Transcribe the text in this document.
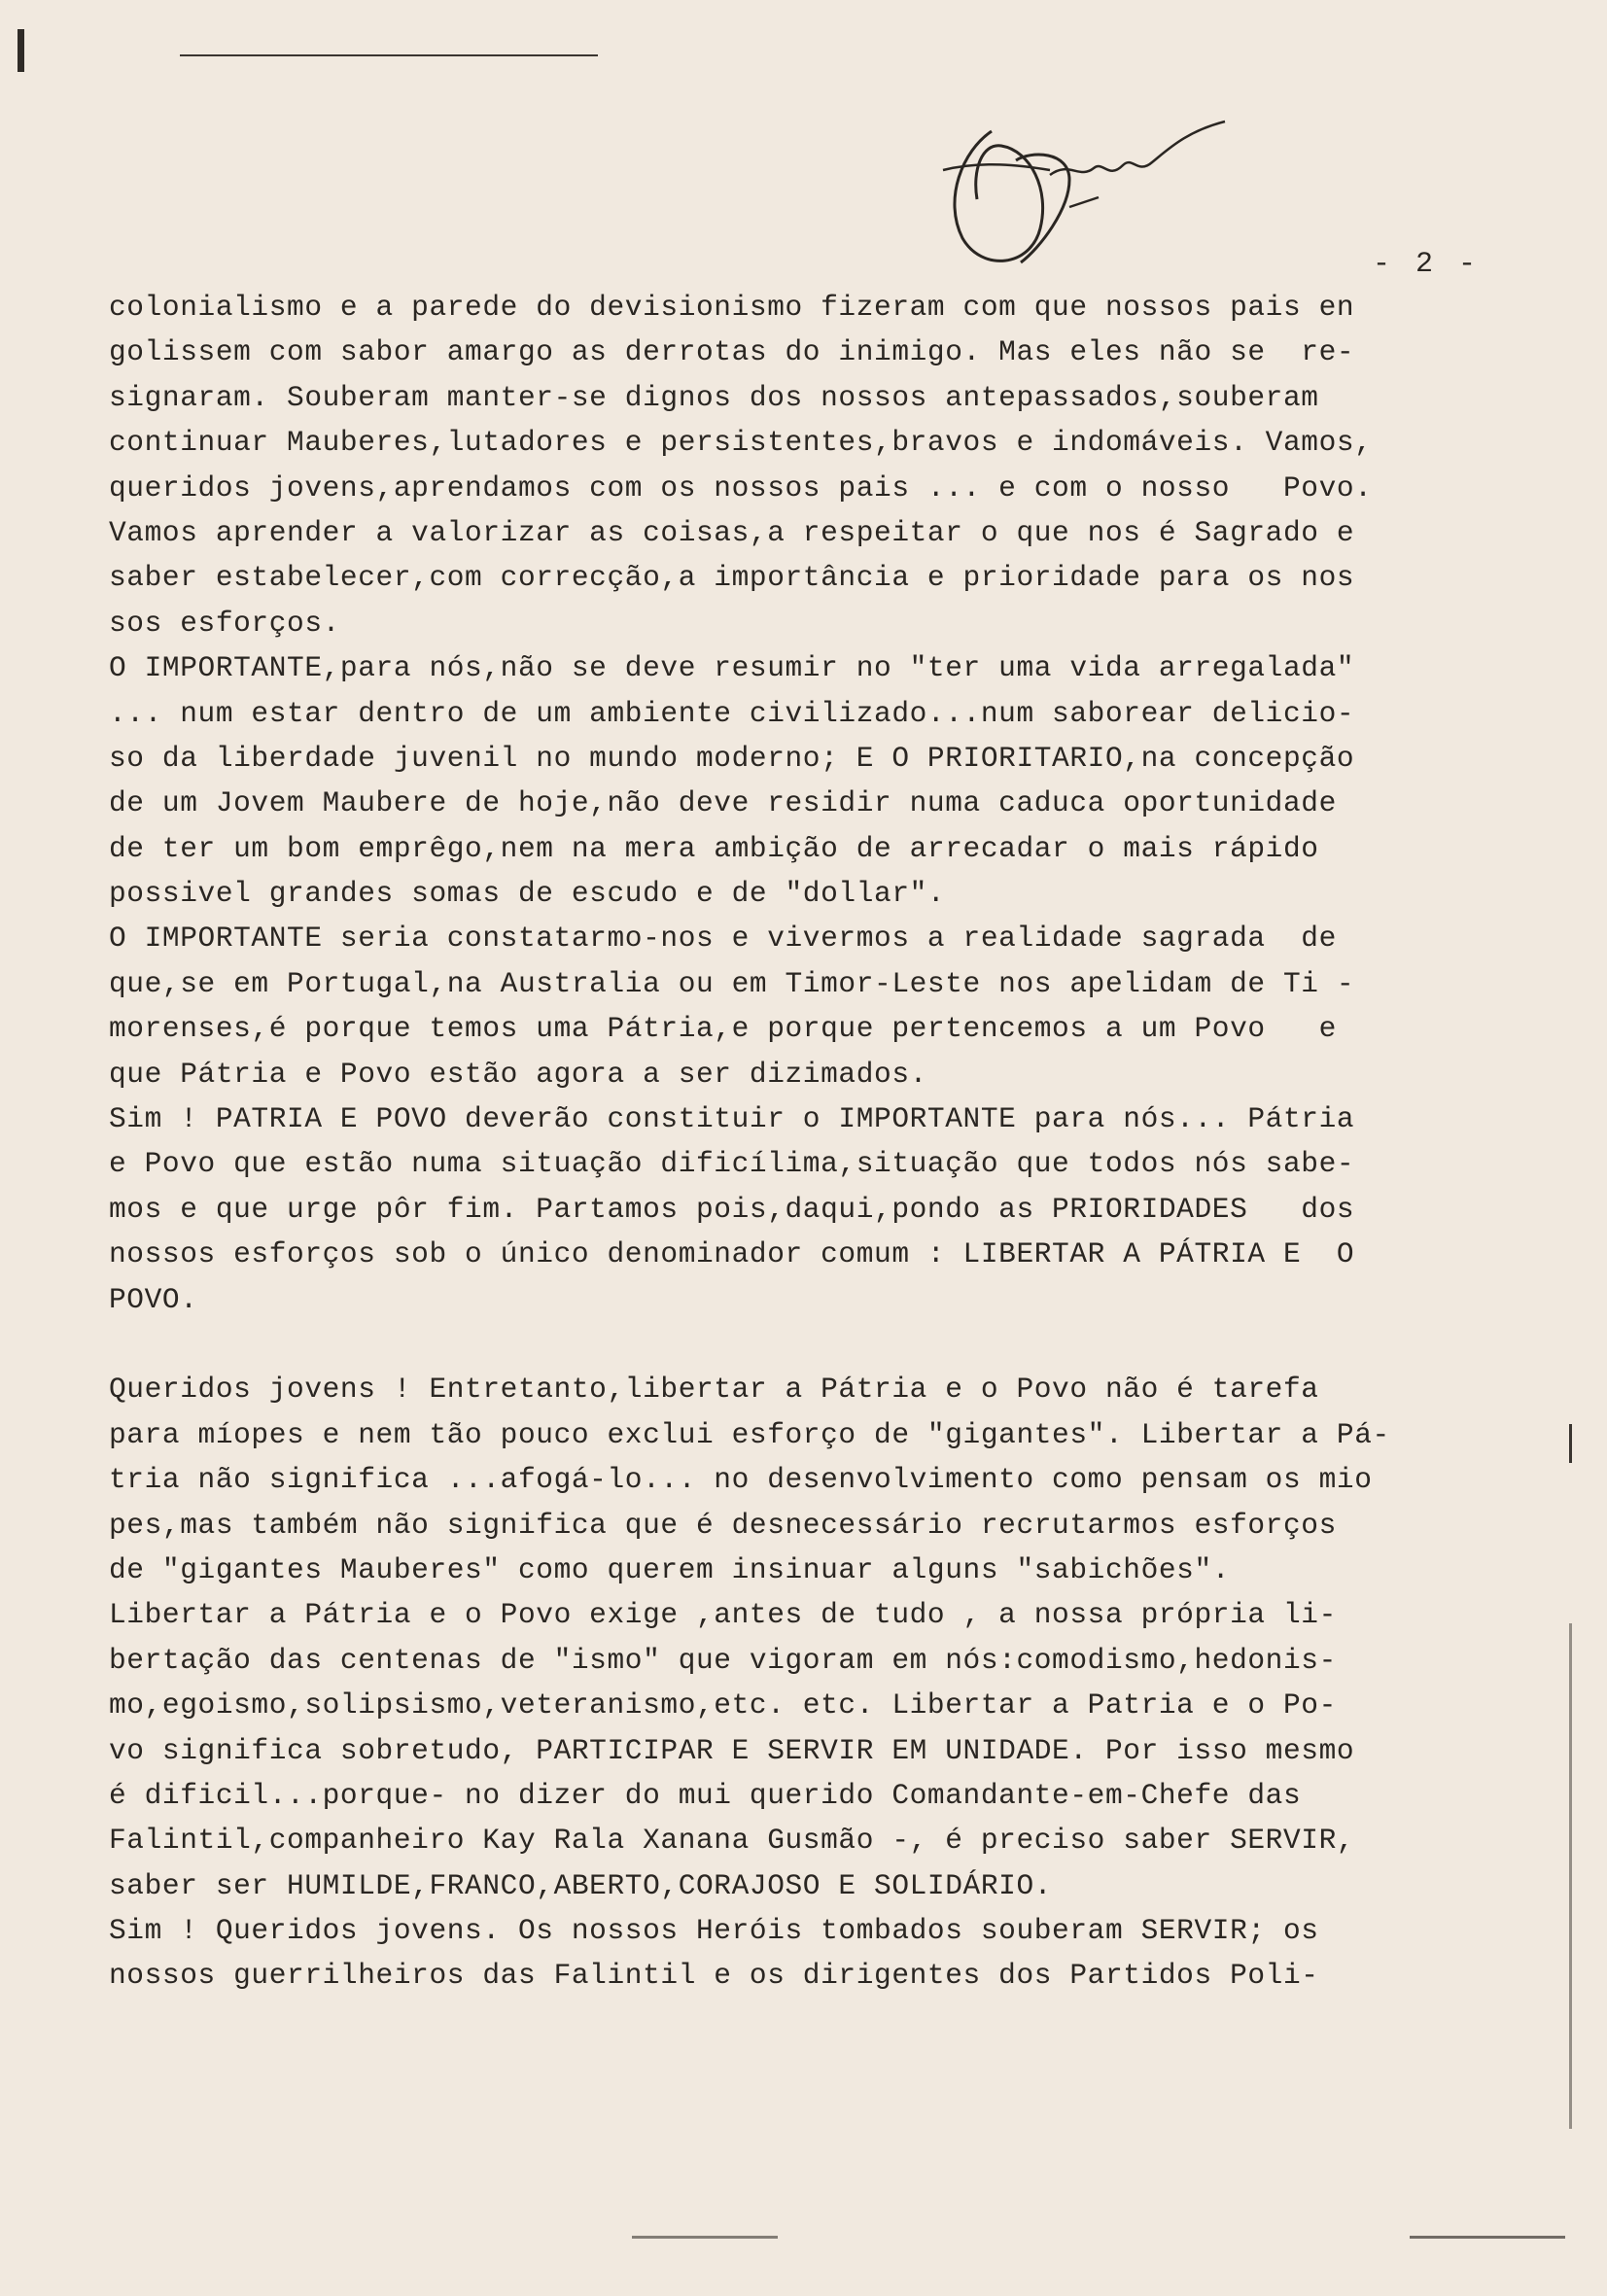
- 2 -
colonialismo e a parede do devisionismo fizeram com que nossos pais en
golissem com sabor amargo as derrotas do inimigo. Mas eles não se  re-
signaram. Souberam manter-se dignos dos nossos antepassados,souberam
continuar Mauberes,lutadores e persistentes,bravos e indomáveis. Vamos,
queridos jovens,aprendamos com os nossos pais ... e com o nosso   Povo.
Vamos aprender a valorizar as coisas,a respeitar o que nos é Sagrado e
saber estabelecer,com correcção,a importância e prioridade para os nos
sos esforços.
O IMPORTANTE,para nós,não se deve resumir no "ter uma vida arregalada"
... num estar dentro de um ambiente civilizado...num saborear delicio-
so da liberdade juvenil no mundo moderno; E O PRIORITARIO,na concepção
de um Jovem Maubere de hoje,não deve residir numa caduca oportunidade
de ter um bom emprêgo,nem na mera ambição de arrecadar o mais rápido
possivel grandes somas de escudo e de "dollar".
O IMPORTANTE seria constatarmo-nos e vivermos a realidade sagrada  de
que,se em Portugal,na Australia ou em Timor-Leste nos apelidam de Ti -
morenses,é porque temos uma Pátria,e porque pertencemos a um Povo   e
que Pátria e Povo estão agora a ser dizimados.
Sim ! PATRIA E POVO deverão constituir o IMPORTANTE para nós... Pátria
e Povo que estão numa situação dificílima,situação que todos nós sabe-
mos e que urge pôr fim. Partamos pois,daqui,pondo as PRIORIDADES   dos
nossos esforços sob o único denominador comum : LIBERTAR A PÁTRIA E  O
POVO.
Queridos jovens ! Entretanto,libertar a Pátria e o Povo não é tarefa
para míopes e nem tão pouco exclui esforço de "gigantes". Libertar a Pá-
tria não significa ...afogá-lo... no desenvolvimento como pensam os mio
pes,mas também não significa que é desnecessário recrutarmos esforços
de "gigantes Mauberes" como querem insinuar alguns "sabichões".
Libertar a Pátria e o Povo exige ,antes de tudo , a nossa própria li-
bertação das centenas de "ismo" que vigoram em nós:comodismo,hedonis-
mo,egoismo,solipsismo,veteranismo,etc. etc. Libertar a Patria e o Po-
vo significa sobretudo, PARTICIPAR E SERVIR EM UNIDADE. Por isso mesmo
é dificil...porque- no dizer do mui querido Comandante-em-Chefe das
Falintil,companheiro Kay Rala Xanana Gusmão -, é preciso saber SERVIR,
saber ser HUMILDE,FRANCO,ABERTO,CORAJOSO E SOLIDÁRIO.
Sim ! Queridos jovens. Os nossos Heróis tombados souberam SERVIR; os
nossos guerrilheiros das Falintil e os dirigentes dos Partidos Poli-
